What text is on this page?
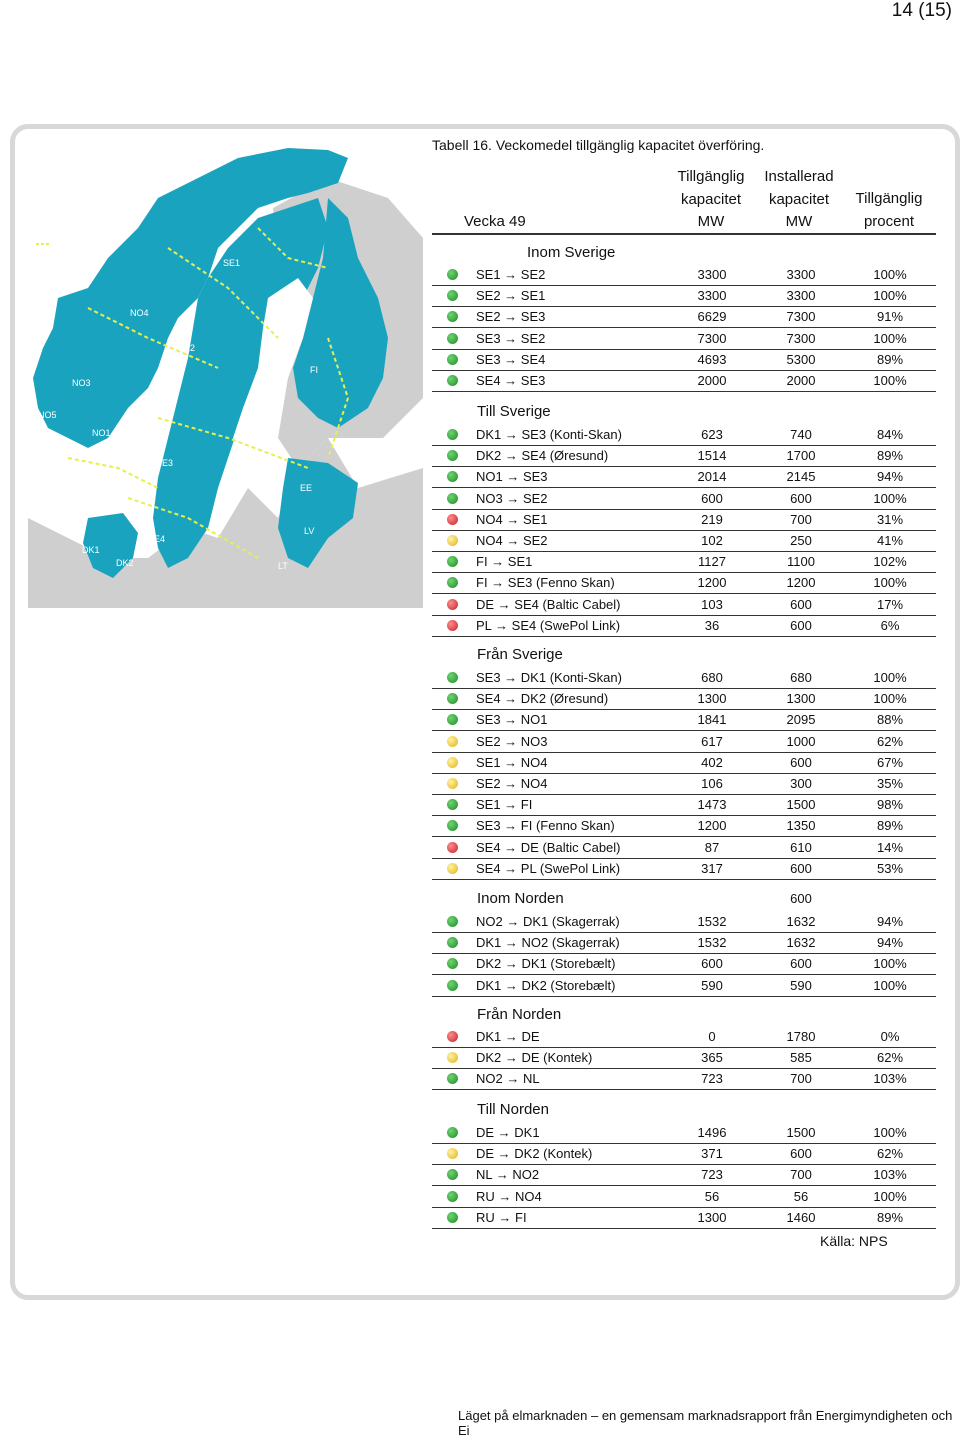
14 (15)
Överföringsnät
SE1
SE2
NO4
NO3
NO5
NO1
NO2
SE3
SE4
DK1
DK2
FI
EE
LV
LT
Tabell 16. Veckomedel tillgänglig kapacitet överföring.
Vecka 49
Tillgänglig
kapacitet
MW
Installerad
kapacitet
MW
Tillgänglig
procent
Inom Sverige
Till Sverige
Från Sverige
Inom Norden	600
Från Norden
Till Norden
SE1 → SE2	3300	3300	100%
SE2 → SE1	3300	3300	100%
SE2 → SE3	6629	7300	91%
SE3 → SE2	7300	7300	100%
SE3 → SE4	4693	5300	89%
SE4 → SE3	2000	2000	100%
DK1 → SE3 (Konti-Skan)	623	740	84%
DK2 → SE4 (Øresund)	1514	1700	89%
NO1 → SE3	2014	2145	94%
NO3 → SE2	600	600	100%
NO4 → SE1	219	700	31%
NO4 → SE2	102	250	41%
FI → SE1	1127	1100	102%
FI → SE3 (Fenno Skan)	1200	1200	100%
DE → SE4 (Baltic Cabel)	103	600	17%
PL → SE4 (SwePol Link)	36	600	6%
SE3 → DK1 (Konti-Skan)	680	680	100%
SE4 → DK2 (Øresund)	1300	1300	100%
SE3 → NO1	1841	2095	88%
SE2 → NO3	617	1000	62%
SE1 → NO4	402	600	67%
SE2 → NO4	106	300	35%
SE1 → FI	1473	1500	98%
SE3 → FI (Fenno Skan)	1200	1350	89%
SE4 → DE (Baltic Cabel)	87	610	14%
SE4 → PL (SwePol Link)	317	600	53%
NO2 → DK1 (Skagerrak)	1532	1632	94%
DK1 → NO2 (Skagerrak)	1532	1632	94%
DK2 → DK1 (Storebælt)	600	600	100%
DK1 → DK2 (Storebælt)	590	590	100%
DK1 → DE	0	1780	0%
DK2 → DE (Kontek)	365	585	62%
NO2 → NL	723	700	103%
DE → DK1	1496	1500	100%
DE → DK2 (Kontek)	371	600	62%
NL → NO2	723	700	103%
RU → NO4	56	56	100%
RU → FI	1300	1460	89%
Källa: NPS
Läget på elmarknaden – en gemensam marknadsrapport från Energimyndigheten och Ei
